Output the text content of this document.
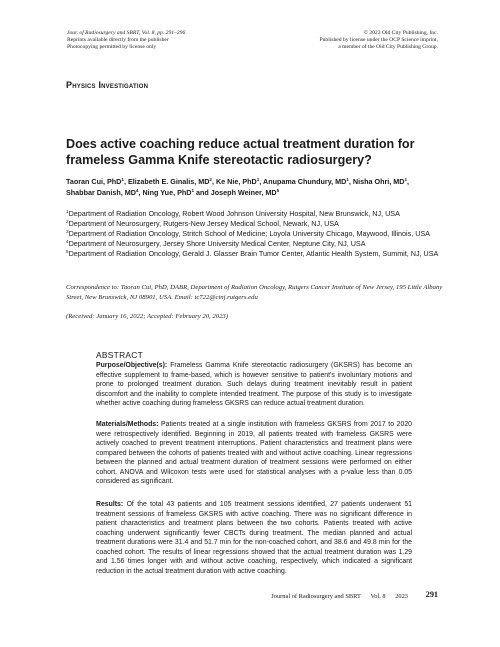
Jour. of Radiosurgery and SBRT, Vol. 8, pp. 291–296
Reprints available directly from the publisher
Photocopying permitted by license only
© 2023 Old City Publishing, Inc.
Published by license under the OCP Science imprint,
a member of the Old City Publishing Group.
Physics Investigation
Does active coaching reduce actual treatment duration for frameless Gamma Knife stereotactic radiosurgery?
Taoran Cui, PhD$^1$, Elizabeth E. Ginalis, $MD^2$, Ke Nie, PhD$^1$, Anupama Chundury, $MD^1$, Nisha Ohri, $MD^1$,
Shabbar Danish, $MD^4$, Ning Yue, PhD$^1$ and Joseph Weiner, $MD^5$
$^1$Department of Radiation Oncology, Robert Wood Johnson University Hospital, New Brunswick, NJ, USA
$^2$Department of Neurosurgery, Rutgers-New Jersey Medical School, Newark, NJ, USA
$^3$Department of Radiation Oncology, Stritch School of Medicine; Loyola University Chicago, Maywood, Illinois, USA
$^4$Department of Neurosurgery, Jersey Shore University Medical Center, Neptune City, NJ, USA
$^5$Department of Radiation Oncology, Gerald J. Glasser Brain Tumor Center, Atlantic Health System, Summit, NJ, USA
Correspondence to: Taoran Cui, PhD, DABR, Department of Radiation Oncology, Rutgers Cancer Institute of New Jersey, 195 Little Albany Street, New Brunswick, NJ 08901, USA. Email: tc722@cinj.rutgers.edu
(Received: January 16, 2022; Accepted: February 20, 2023)
ABSTRACT
Purpose/Objective(s): Frameless Gamma Knife stereotactic radiosurgery (GKSRS) has become an effective supplement to frame-based, which is however sensitive to patient's involuntary motions and prone to prolonged treatment duration. Such delays during treatment inevitably result in patient discomfort and the inability to complete intended treatment. The purpose of this study is to investigate whether active coaching during frameless GKSRS can reduce actual treatment duration.
Materials/Methods: Patients treated at a single institution with frameless GKSRS from 2017 to 2020 were retrospectively identified. Beginning in 2019, all patients treated with frameless GKSRS were actively coached to prevent treatment interruptions. Patient characteristics and treatment plans were compared between the cohorts of patients treated with and without active coaching. Linear regressions between the planned and actual treatment duration of treatment sessions were performed on either cohort. ANOVA and Wilcoxon tests were used for statistical analyses with a p-value less than 0.05 considered as significant.
Results: Of the total 43 patients and 105 treatment sessions identified, 27 patients underwent 51 treatment sessions of frameless GKSRS with active coaching. There was no significant difference in patient characteristics and treatment plans between the two cohorts. Patients treated with active coaching underwent significantly fewer CBCTs during treatment. The median planned and actual treatment durations were 31.4 and 51.7 min for the non-coached cohort, and 38.6 and 49.8 min for the coached cohort. The results of linear regressions showed that the actual treatment duration was 1.29 and 1.56 times longer with and without active coaching, respectively, which indicated a significant reduction in the actual treatment duration with active coaching.
Journal of Radiosurgery and SBRT Vol. 8 2023 291
